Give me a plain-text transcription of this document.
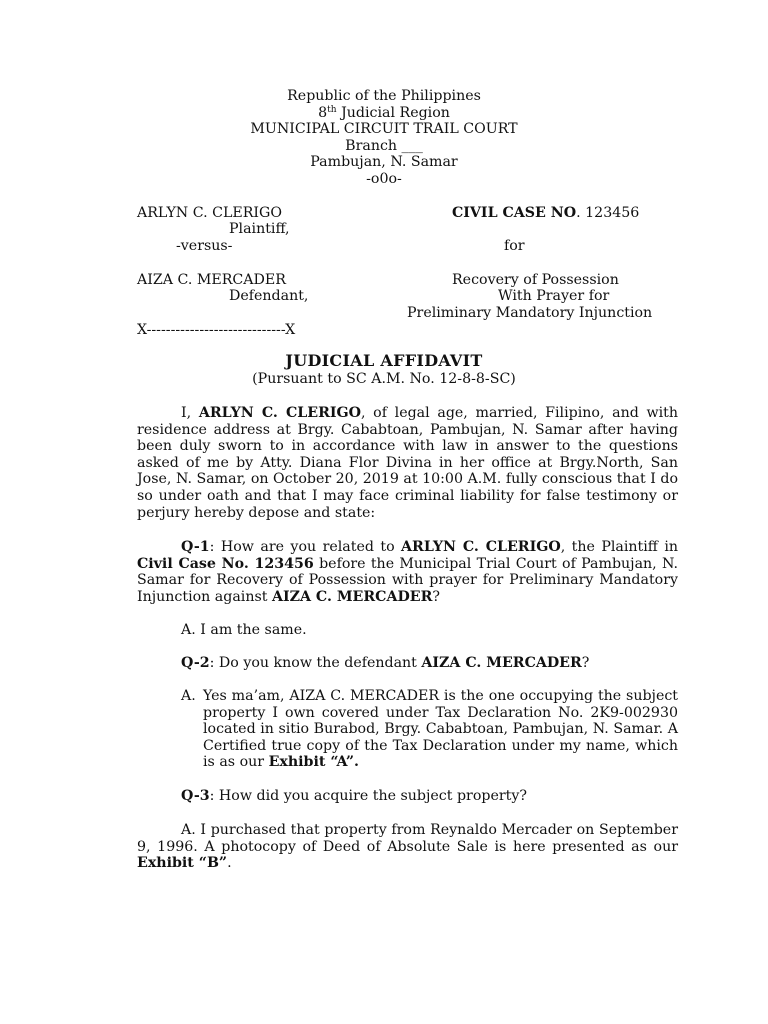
Republic of the Philippines
8th Judicial Region
MUNICIPAL CIRCUIT TRAIL COURT
Branch ___
Pambujan, N. Samar
-o0o-
ARLYN C. CLERIGO
Plaintiff,
-versus-
AIZA C. MERCADER
Defendant,
CIVIL CASE NO. 123456
for
Recovery of Possession
With Prayer for
Preliminary Mandatory Injunction
X-----------------------------X
JUDICIAL AFFIDAVIT
(Pursuant to SC A.M. No. 12-8-8-SC)
I, ARLYN C. CLERIGO, of legal age, married, Filipino, and with residence address at Brgy. Cababtoan, Pambujan, N. Samar after having been duly sworn to in accordance with law in answer to the questions asked of me by Atty. Diana Flor Divina in her office at Brgy.North, San Jose, N. Samar, on October 20, 2019 at 10:00 A.M. fully conscious that I do so under oath and that I may face criminal liability for false testimony or perjury hereby depose and state:
Q-1: How are you related to ARLYN C. CLERIGO, the Plaintiff in Civil Case No. 123456 before the Municipal Trial Court of Pambujan, N. Samar for Recovery of Possession with prayer for Preliminary Mandatory Injunction against AIZA C. MERCADER?
A. I am the same.
Q-2: Do you know the defendant AIZA C. MERCADER?
A. Yes ma’am, AIZA C. MERCADER is the one occupying the subject property I own covered under Tax Declaration No. 2K9-002930 located in sitio Burabod, Brgy. Cababtoan, Pambujan, N. Samar. A Certified true copy of the Tax Declaration under my name, which is as our Exhibit “A”.
Q-3: How did you acquire the subject property?
A. I purchased that property from Reynaldo Mercader on September 9, 1996. A photocopy of Deed of Absolute Sale is here presented as our Exhibit “B”.
